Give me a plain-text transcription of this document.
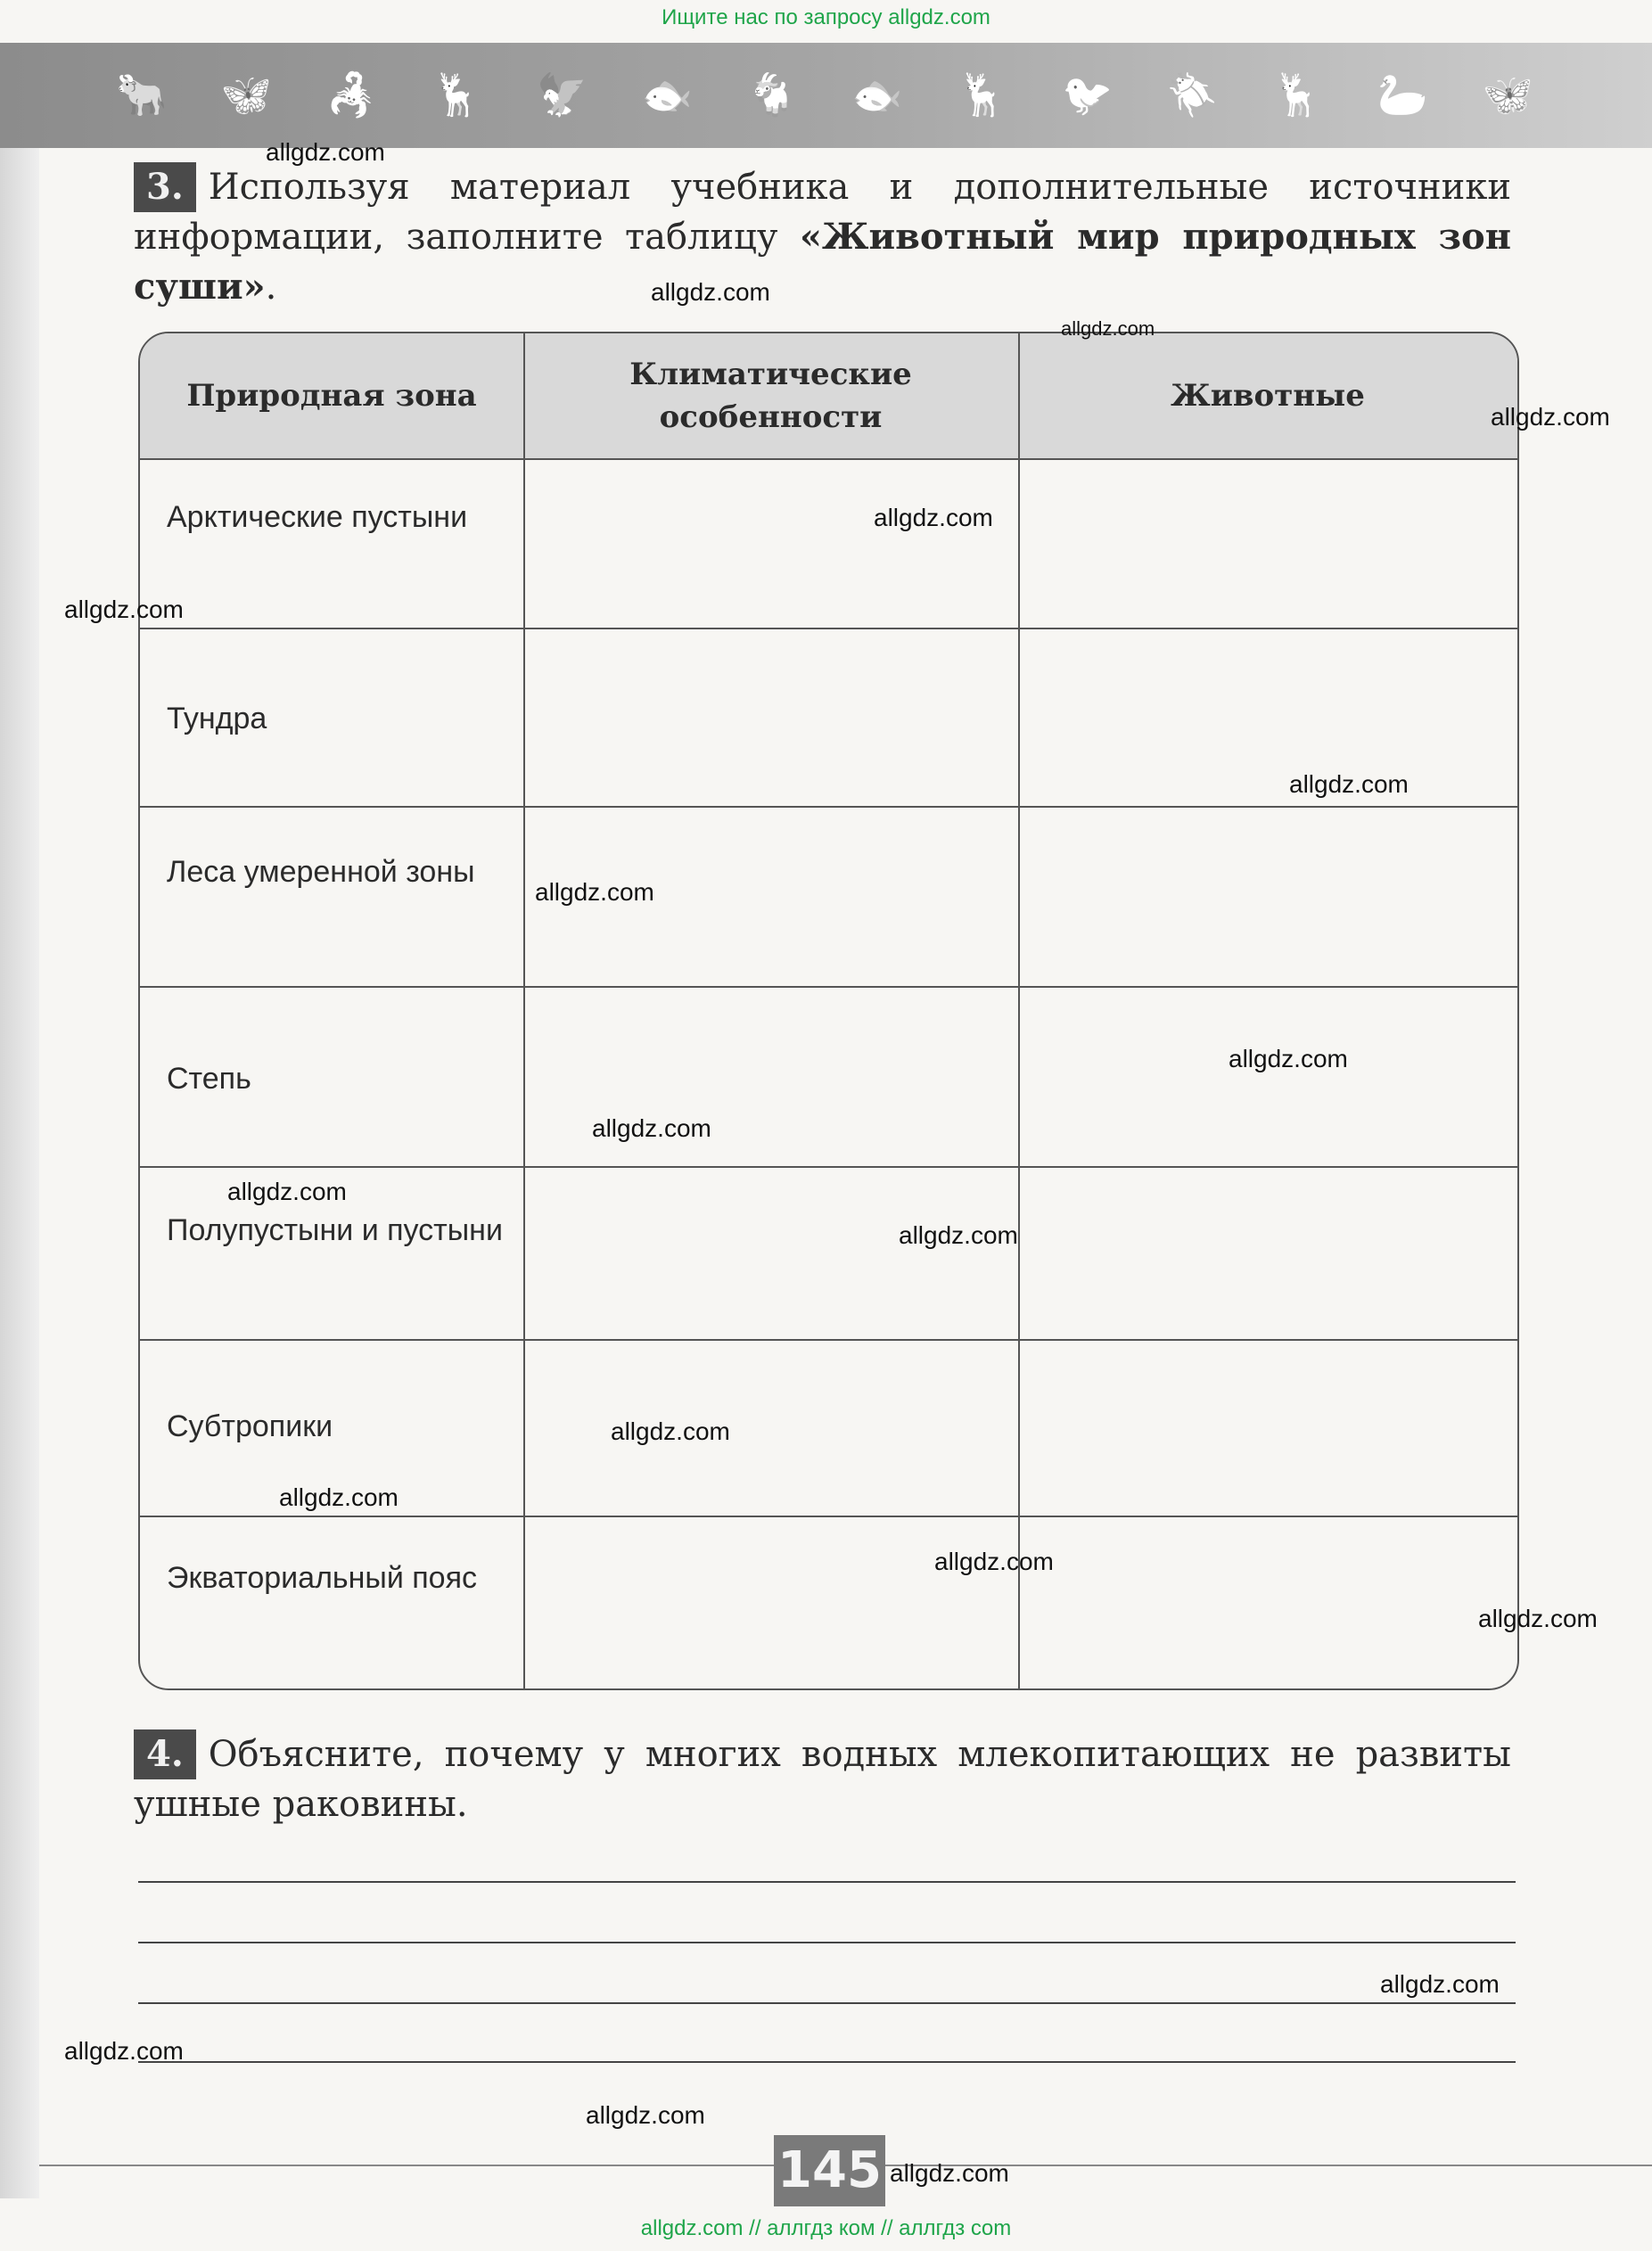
Ищите нас по запросу allgdz.com
🐂 🦋 🦂 🦌 🦅 🐟 🐐 🐟 🦌 🐦 🪲 🦌 🦢 🦋
3. Используя материал учебника и дополнительные источники информации, заполните таблицу «Животный мир природных зон суши».
Природная зона
Климатические особенности
Животные
Арктические пустыни
Тундра
Леса умеренной зоны
Степь
Полупустыни и пустыни
Субтропики
Экваториальный пояс
4. Объясните, почему у многих водных млекопитающих не развиты ушные раковины.
145
allgdz.com
allgdz.com
allgdz.com
allgdz.com
allgdz.com
allgdz.com
allgdz.com
allgdz.com
allgdz.com
allgdz.com
allgdz.com
allgdz.com
allgdz.com
allgdz.com
allgdz.com
allgdz.com
allgdz.com
allgdz.com
allgdz.com
allgdz.com
allgdz.com // аллгдз ком // аллгдз com
